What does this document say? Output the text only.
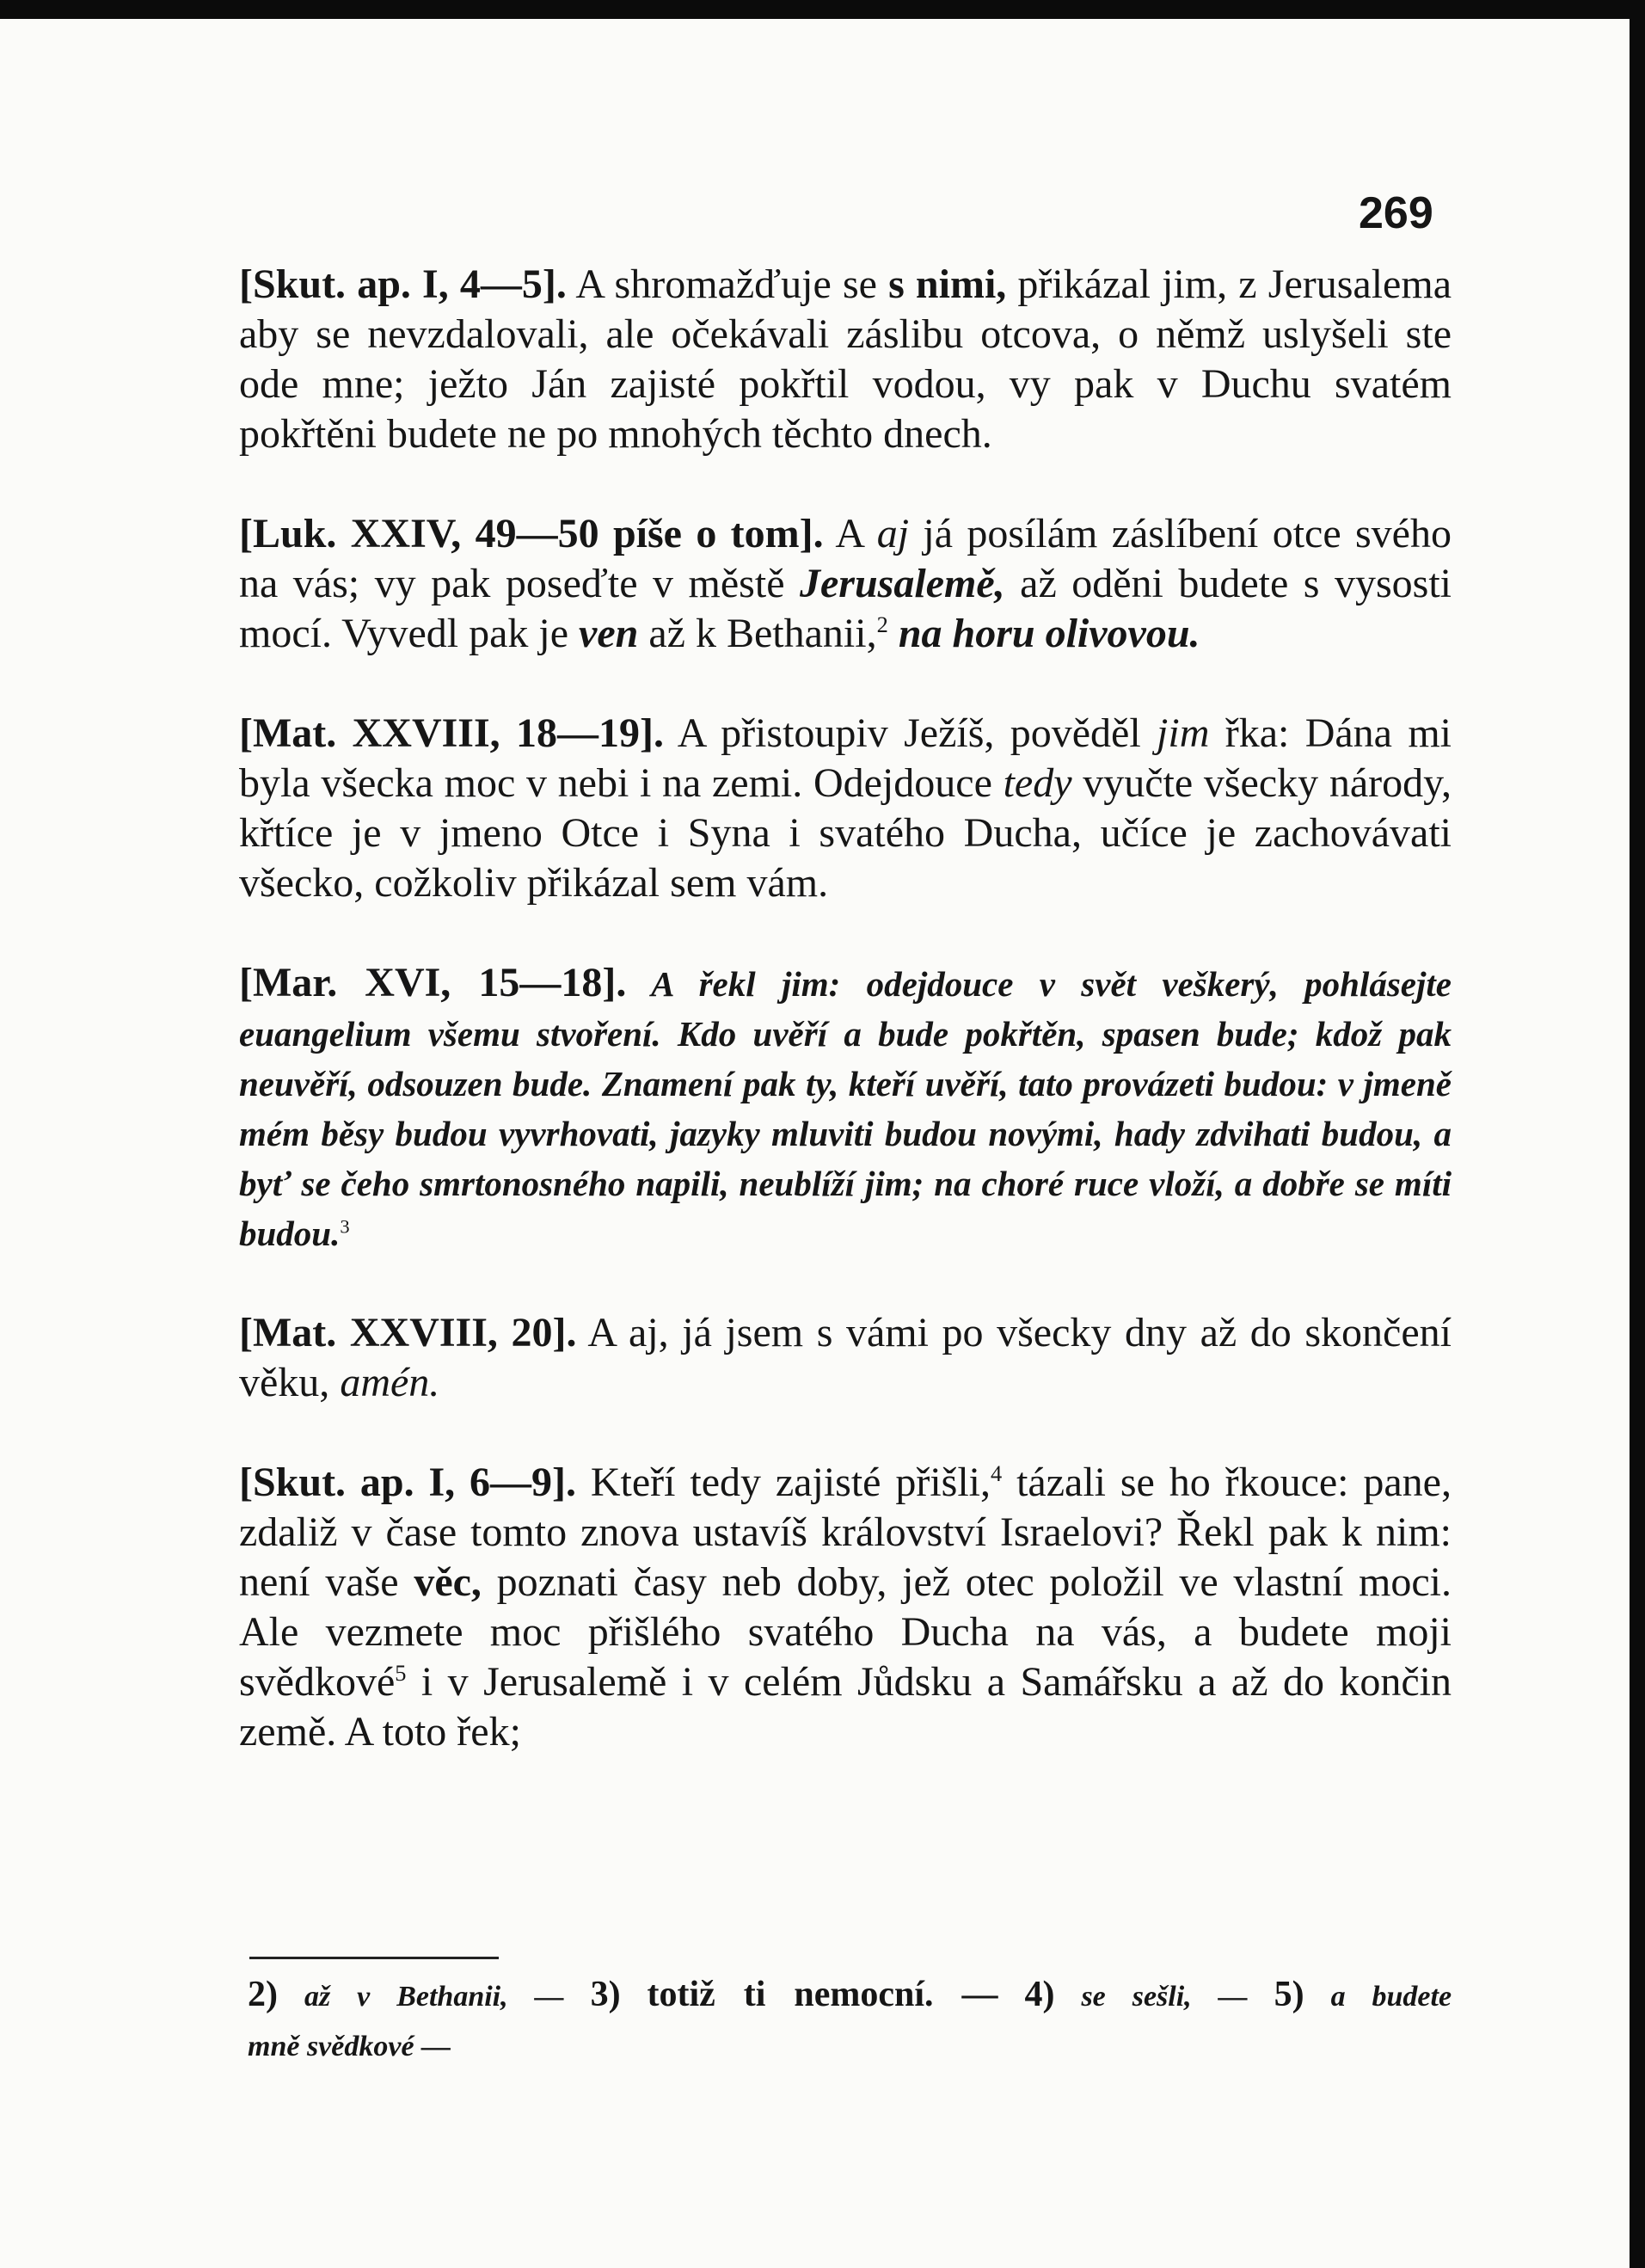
269

[Skut. ap. I, 4—5]. A shromažďuje se s nimi, přikázal jim, z Jerusalema aby se nevzdalovali, ale očekávali záslibu otcova, o němž uslyšeli ste ode mne; ježto Ján zajisté pokřtil vodou, vy pak v Duchu svatém pokřtěni budete ne po mnohých těchto dnech.

[Luk. XXIV, 49—50 píše o tom]. A aj já posílám záslíbení otce svého na vás; vy pak poseďte v městě Jerusalemě, až oděni budete s vysosti mocí. Vyvedl pak je ven až k Bethanii,$^2$ na horu olivovou.

[Mat. XXVIII, 18—19]. A přistoupiv Ježíš, pověděl jim řka: Dána mi byla všecka moc v nebi i na zemi. Odejdouce tedy vyučte všecky národy, křtíce je v jmeno Otce i Syna i svatého Ducha, učíce je zachovávati všecko, cožkoliv přikázal sem vám.

[Mar. XVI, 15—18]. A řekl jim: odejdouce v svět veškerý, pohlásejte euangelium všemu stvoření. Kdo uvěří a bude pokřtěn, spasen bude; kdož pak neuvěří, odsouzen bude. Znamení pak ty, kteří uvěří, tato provázeti budou: v jmeně mém běsy budou vyvrhovati, jazyky mluviti budou novými, hady zdvihati budou, a byť se čeho smrtonosného napili, neublíží jim; na choré ruce vloží, a dobře se míti budou.$^3$

[Mat. XXVIII, 20]. A aj, já jsem s vámi po všecky dny až do skončení věku, amén.

[Skut. ap. I, 6—9]. Kteří tedy zajisté přišli,$^4$ tázali se ho řkouce: pane, zdaliž v čase tomto znova ustavíš království Israelovi? Řekl pak k nim: není vaše věc, poznati časy neb doby, jež otec položil ve vlastní moci. Ale vezmete moc přišlého svatého Ducha na vás, a budete moji svědkové$^5$ i v Jerusalemě i v celém Jůdsku a Samářsku a až do končin země. A toto řek;

2) až v Bethanii, — 3) totiž ti nemocní. — 4) se sešli, — 5) a budete
mně svědkové —
